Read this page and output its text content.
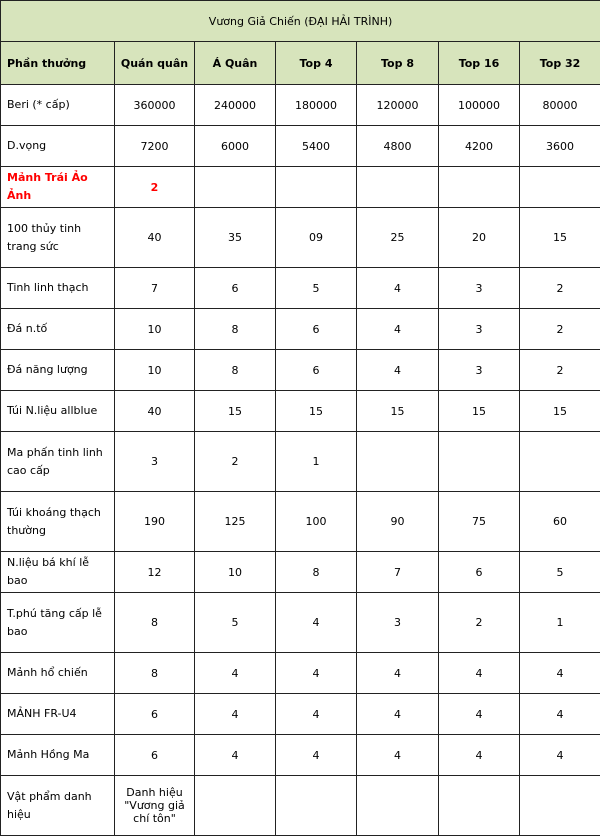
Vương Giả Chiến (ĐẠI HẢI TRÌNH)						
Phần thưởng	Quán quân	Á Quân	Top 4	Top 8	Top 16	Top 32
Beri (* cấp)	360000	240000	180000	120000	100000	80000
D.vọng	7200	6000	5400	4800	4200	3600
Mảnh Trái Ảo Ảnh	2					
100 thủy tinh trang sức	40	35	09	25	20	15
Tinh linh thạch	7	6	5	4	3	2
Đá n.tố	10	8	6	4	3	2
Đá năng lượng	10	8	6	4	3	2
Túi N.liệu allblue	40	15	15	15	15	15
Ma phấn tinh linh cao cấp	3	2	1			
Túi khoáng thạch thường	190	125	100	90	75	60
N.liệu bá khí lễ bao	12	10	8	7	6	5
T.phú tăng cấp lễ bao	8	5	4	3	2	1
Mảnh hổ chiến	8	4	4	4	4	4
MẢNH FR-U4	6	4	4	4	4	4
Mảnh Hồng Ma	6	4	4	4	4	4
Vật phẩm danh hiệu	Danh hiệu "Vương giả chí tôn"					
